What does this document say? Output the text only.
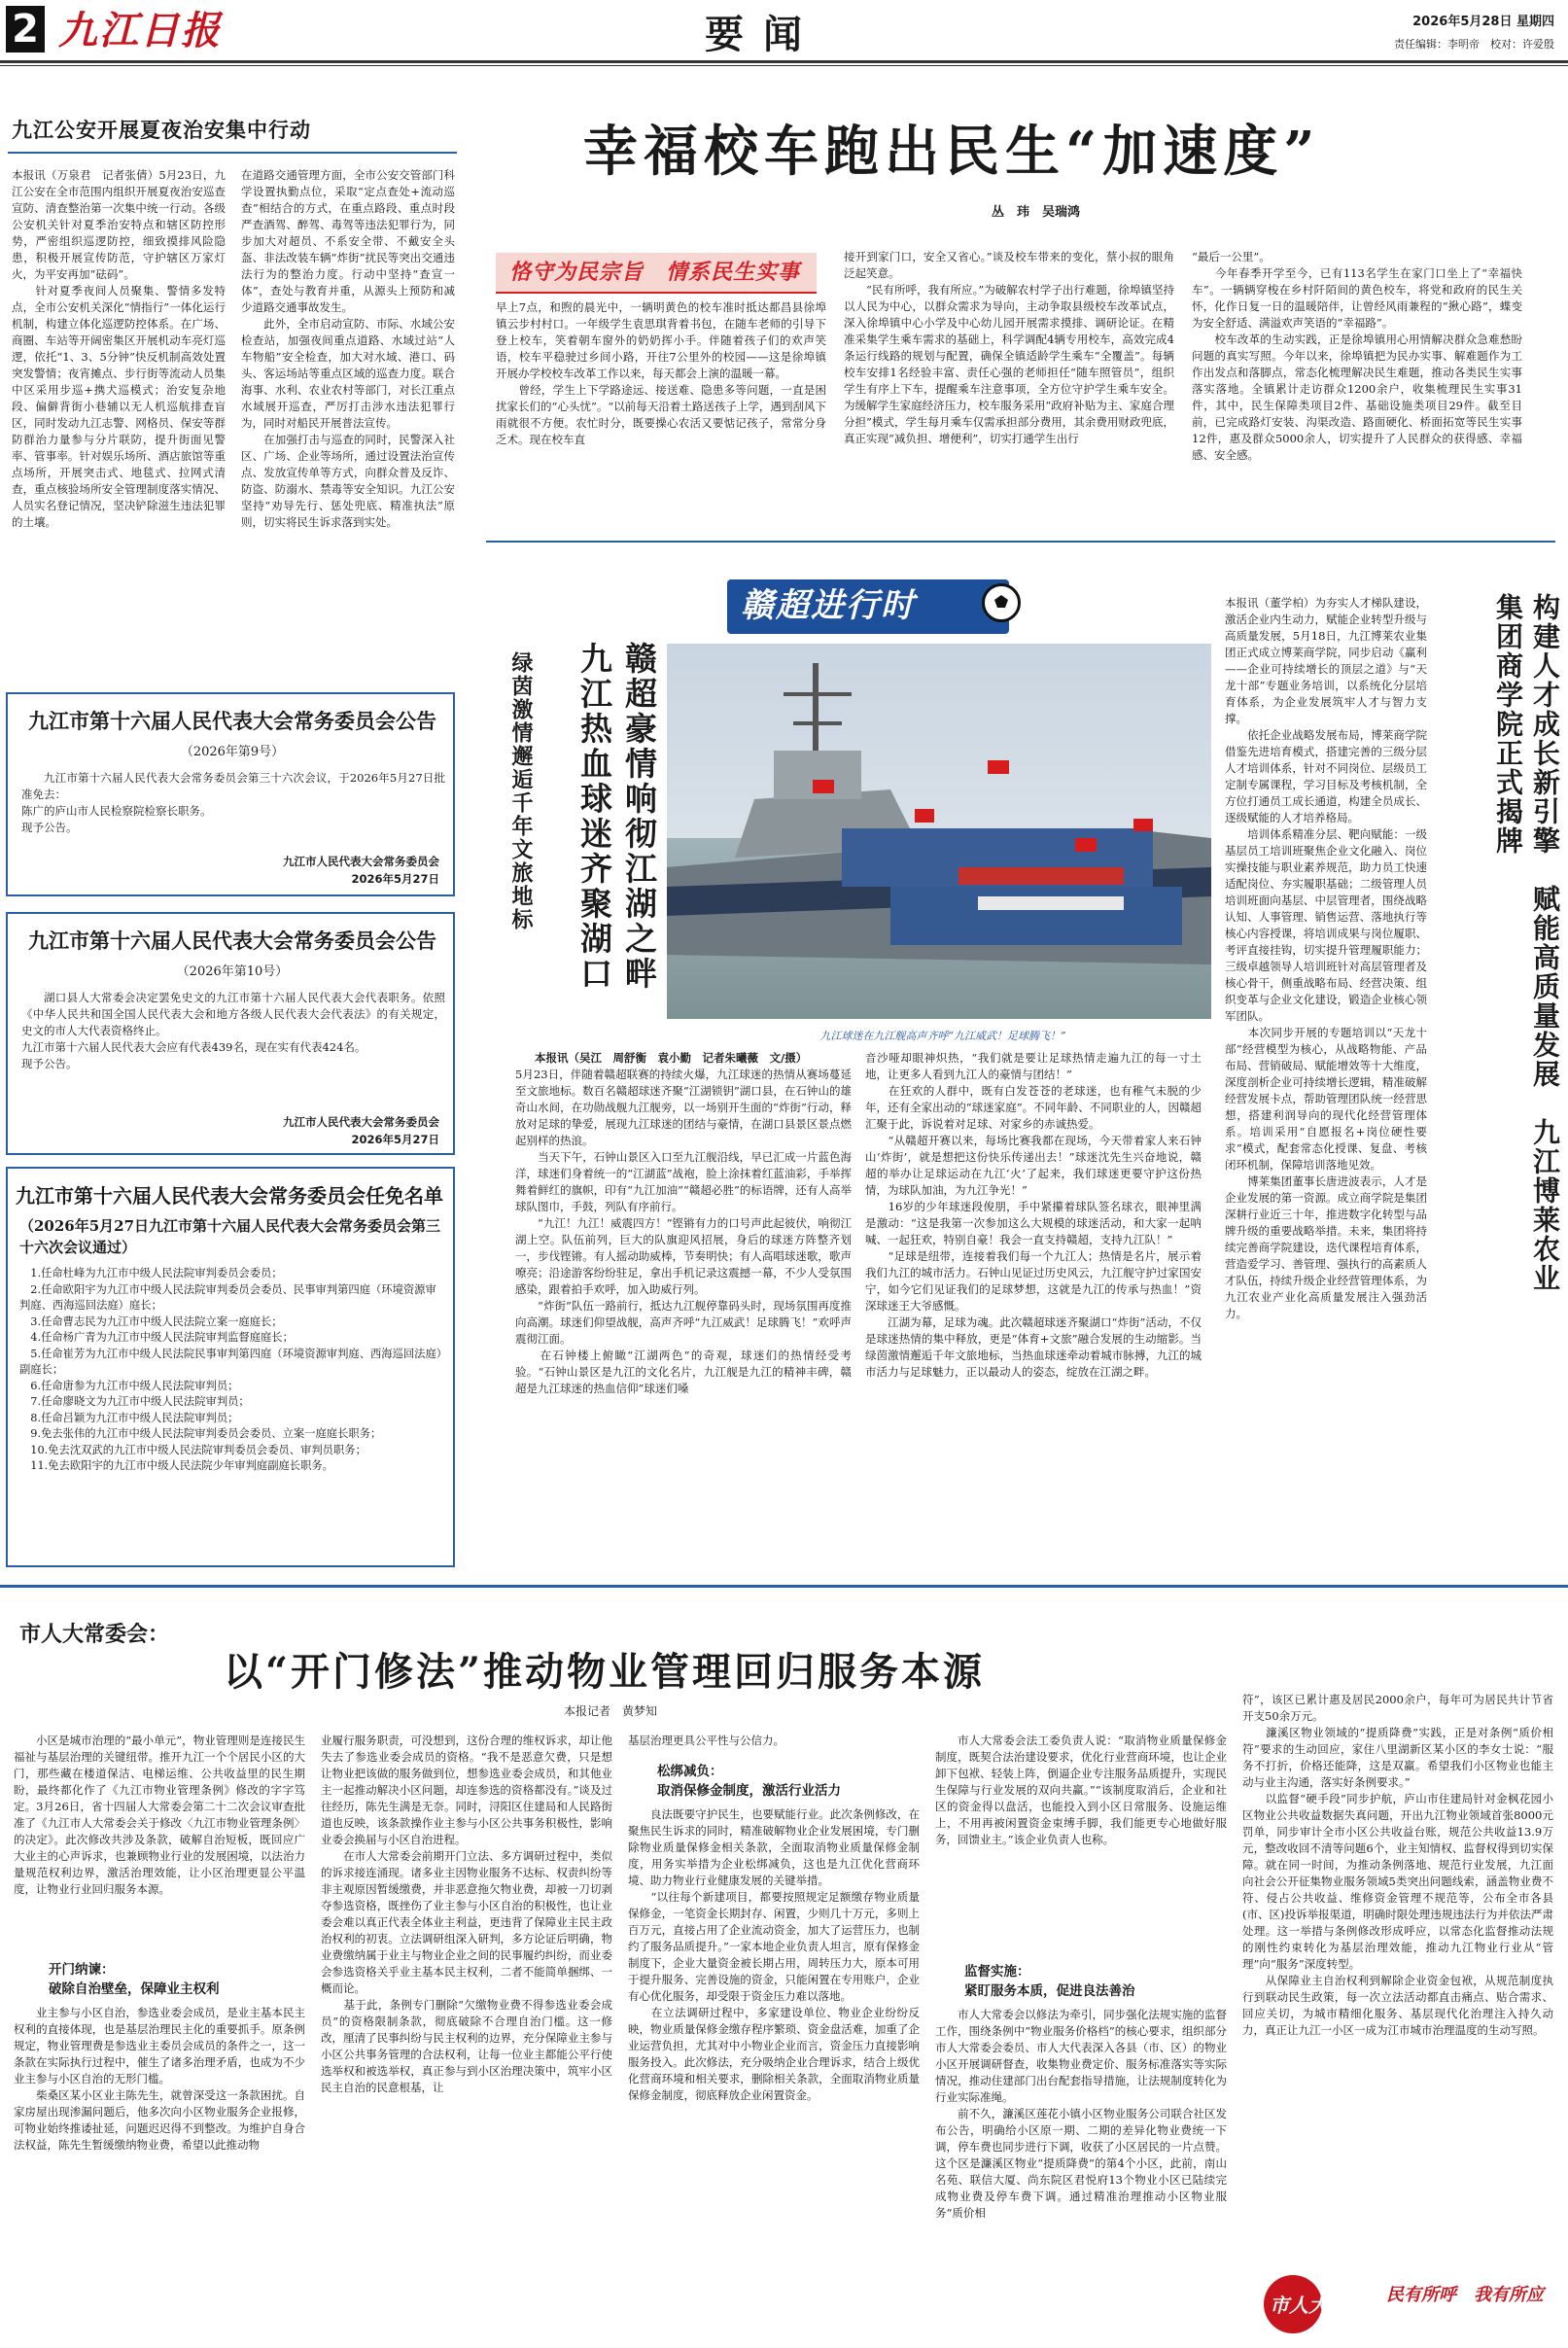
2 九江日报	要闻	2026年5月28日 星期四
责任编辑：李明帝　校对：许爱殷
九江公安开展夏夜治安集中行动
本报讯（万泉君　记者张倩）5月23日，九江公安在全市范围内组织开展夏夜治安巡查宣防、清查整治第一次集中统一行动。各级公安机关针对夏季治安特点和辖区防控形势，严密组织巡逻防控，细致摸排风险隐患，积极开展宣传防范，守护辖区万家灯火，为平安再加“砝码”。
　　针对夏季夜间人员聚集、警情多发特点，全市公安机关深化“情指行”一体化运行机制，构建立体化巡逻防控体系。在广场、商圈、车站等开阔密集区开展机动车亮灯巡逻，依托“1、3、5分钟”快反机制高效处置突发警情；夜宵摊点、步行街等流动人员集中区采用步巡+携犬巡模式；治安复杂地段、偏僻背街小巷辅以无人机巡航排查盲区，同时发动九江志警、网格员、保安等群防群治力量参与分片联防，提升街面见警率、管事率。针对娱乐场所、酒店旅馆等重点场所，开展突击式、地毯式、拉网式清查，重点核验场所安全管理制度落实情况、人员实名登记情况，坚决铲除滋生违法犯罪的土壤。
在道路交通管理方面，全市公安交管部门科学设置执勤点位，采取“定点查处+流动巡查”相结合的方式，在重点路段、重点时段严查酒驾、醉驾、毒驾等违法犯罪行为，同步加大对超员、不系安全带、不戴安全头盔、非法改装车辆“炸街”扰民等突出交通违法行为的整治力度。行动中坚持“查宣一体”，查处与教育并重，从源头上预防和减少道路交通事故发生。
　　此外，全市启动宣防、市际、水域公安检查站，加强夜间重点道路、水域过站“人车物船”安全检查，加大对水域、港口、码头、客运场站等重点区域的巡查力度。联合海事、水利、农业农村等部门，对长江重点水域展开巡查，严厉打击涉水违法犯罪行为，同时对船民开展普法宣传。
　　在加强打击与巡查的同时，民警深入社区、广场、企业等场所，通过设置法治宣传点、发放宣传单等方式，向群众普及反诈、防盗、防溺水、禁毒等安全知识。九江公安坚持“劝导先行、惩处兜底、精准执法”原则，切实将民生诉求落到实处。
九江市第十六届人民代表大会常务委员会公告
（2026年第9号）
九江市第十六届人民代表大会常务委员会第三十六次会议，于2026年5月27日批准免去：
陈广的庐山市人民检察院检察长职务。
现予公告。
九江市人民代表大会常务委员会
2026年5月27日
九江市第十六届人民代表大会常务委员会公告
（2026年第10号）
湖口县人大常委会决定罢免史文的九江市第十六届人民代表大会代表职务。依照《中华人民共和国全国人民代表大会和地方各级人民代表大会代表法》的有关规定，史文的市人大代表资格终止。
九江市第十六届人民代表大会应有代表439名，现在实有代表424名。
现予公告。
九江市人民代表大会常务委员会
2026年5月27日
九江市第十六届人民代表大会常务委员会任免名单
（2026年5月27日九江市第十六届人民代表大会常务委员会第三十六次会议通过）
1.任命杜峰为九江市中级人民法院审判委员会委员；
2.任命欧阳宇为九江市中级人民法院审判委员会委员、民事审判第四庭（环境资源审判庭、西海巡回法庭）庭长；
3.任命曹志民为九江市中级人民法院立案一庭庭长；
4.任命杨广青为九江市中级人民法院审判监督庭庭长；
5.任命崔芳为九江市中级人民法院民事审判第四庭（环境资源审判庭、西海巡回法庭）副庭长；
6.任命唐参为九江市中级人民法院审判员；
7.任命廖晓文为九江市中级人民法院审判员；
8.任命吕颖为九江市中级人民法院审判员；
9.免去张伟的九江市中级人民法院审判委员会委员、立案一庭庭长职务；
10.免去沈双武的九江市中级人民法院审判委员会委员、审判员职务；
11.免去欧阳宇的九江市中级人民法院少年审判庭副庭长职务。
幸福校车跑出民生“加速度”
丛　玮　吴瑞鸿
恪守为民宗旨　情系民生实事
早上7点，和煦的晨光中，一辆明黄色的校车准时抵达都昌县徐埠镇云步村村口。一年级学生袁思琪背着书包，在随车老师的引导下登上校车，笑着朝车窗外的奶奶挥小手。伴随着孩子们的欢声笑语，校车平稳驶过乡间小路，开往7公里外的校园——这是徐埠镇开展办学校校车改革工作以来，每天都会上演的温暖一幕。
　　曾经，学生上下学路途远、接送难、隐患多等问题，一直是困扰家长们的“心头忧”。“以前每天沿着土路送孩子上学，遇到刮风下雨就很不方便。农忙时分，既要操心农活又要惦记孩子，常常分身乏术。现在校车直
接开到家门口，安全又省心。”谈及校车带来的变化，蔡小叔的眼角泛起笑意。
　　“民有所呼，我有所应。”为破解农村学子出行难题，徐埠镇坚持以人民为中心，以群众需求为导向，主动争取县级校车改革试点，深入徐埠镇中心小学及中心幼儿园开展需求摸排、调研论证。在精准采集学生乘车需求的基础上，科学调配4辆专用校车，高效完成4条运行线路的规划与配置，确保全镇适龄学生乘车“全覆盖”。每辆校车安排1名经验丰富、责任心强的老师担任“随车照管员”，组织学生有序上下车，提醒乘车注意事项，全方位守护学生乘车安全。为缓解学生家庭经济压力，校车服务采用“政府补贴为主、家庭合理分担”模式，学生每月乘车仅需承担部分费用，其余费用财政兜底，真正实现“减负担、增便利”，切实打通学生出行
“最后一公里”。
　　今年春季开学至今，已有113名学生在家门口坐上了“幸福快车”。一辆辆穿梭在乡村阡陌间的黄色校车，将党和政府的民生关怀，化作日复一日的温暖陪伴，让曾经风雨兼程的“揪心路”，蝶变为安全舒适、满溢欢声笑语的“幸福路”。
　　校车改革的生动实践，正是徐埠镇用心用情解决群众急难愁盼问题的真实写照。今年以来，徐埠镇把为民办实事、解难题作为工作出发点和落脚点，常态化梳理解决民生难题，推动各类民生实事落实落地。全镇累计走访群众1200余户，收集梳理民生实事31件，其中，民生保障类项目2件、基础设施类项目29件。截至目前，已完成路灯安装、沟渠改造、路面硬化、桥面拓宽等民生实事12件，惠及群众5000余人，切实提升了人民群众的获得感、幸福感、安全感。
赣超进行时
GANCHAO JINXINGSHI
赣超豪情响彻江湖之畔　九江热血球迷齐聚湖口
绿茵激情邂逅千年文旅地标
九江球迷在九江舰高声齐呼“九江威武！足球腾飞！”
本报讯（吴江　周舒衡　袁小勤　记者朱曦薇　文/摄）
5月23日，伴随着赣超联赛的持续火爆，九江球迷的热情从赛场蔓延至文旅地标。数百名赣超球迷齐聚“江湖锁钥”湖口县，在石钟山的雄奇山水间，在功勋战舰九江舰旁，以一场别开生面的“炸街”行动，释放对足球的挚爱，展现九江球迷的团结与豪情，在湖口县景区景点燃起别样的热浪。
　　当天下午，石钟山景区入口至九江舰沿线，早已汇成一片蓝色海洋，球迷们身着统一的“江湖蓝”战袍，脸上涂抹着红蓝油彩，手举挥舞着鲜红的旗帜，印有“九江加油”“赣超必胜”的标语牌，还有人高举球队图巾，手鼓，列队有序前行。
　　“九江！九江！威震四方！”铿锵有力的口号声此起彼伏，响彻江湖上空。队伍前列，巨大的队旗迎风招展，身后的球迷方阵整齐划一，步伐铿锵。有人摇动助威棒，节奏明快；有人高唱球迷歌，歌声嘹亮；沿途游客纷纷驻足，拿出手机记录这震撼一幕，不少人受氛围感染，跟着拍手欢呼，加入助威行列。
　　“炸街”队伍一路前行，抵达九江舰停靠码头时，现场氛围再度推向高潮。球迷们仰望战舰，高声齐呼“九江威武！足球腾飞！”欢呼声震彻江面。
　　在石钟楼上俯瞰“江湖两色”的奇观，球迷们的热情经受考验。“石钟山景区是九江的文化名片，九江舰是九江的精神丰碑，赣超是九江球迷的热血信仰”球迷们嗓
音沙哑却眼神炽热，“我们就是要让足球热情走遍九江的每一寸土地，让更多人看到九江人的豪情与团结！”
　　在狂欢的人群中，既有白发苍苍的老球迷，也有稚气未脱的少年，还有全家出动的“球迷家庭”。不同年龄、不同职业的人，因赣超汇聚于此，诉说着对足球、对家乡的赤诚热爱。
　　“从赣超开赛以来，每场比赛我都在现场，今天带着家人来石钟山‘炸街’，就是想把这份快乐传递出去！”球迷沈先生兴奋地说，赣超的举办让足球运动在九江‘火’了起来，我们球迷更要守护这份热情，为球队加油，为九江争光！”
　　16岁的少年球迷段俊朋，手中紧攥着球队签名球衣，眼神里满是激动：“这是我第一次参加这么大规模的球迷活动，和大家一起呐喊、一起狂欢，特别自豪！我会一直支持赣超，支持九江队！”
　　“足球是纽带，连接着我们每一个九江人；热情是名片，展示着我们九江的城市活力。石钟山见证过历史风云，九江舰守护过家国安宁，如今它们见证我们的足球梦想，这就是九江的传承与热血！”资深球迷王大爷感慨。
　　江湖为幕，足球为魂。此次赣超球迷齐聚湖口“炸街”活动，不仅是球迷热情的集中释放，更是“体育+文旅”融合发展的生动缩影。当绿茵激情邂逅千年文旅地标，当热血球迷牵动着城市脉搏，九江的城市活力与足球魅力，正以最动人的姿态，绽放在江湖之畔。
构建人才成长新引擎　赋能高质量发展　九江博莱农业集团商学院正式揭牌
本报讯（董学柏）为夯实人才梯队建设，激活企业内生动力，赋能企业转型升级与高质量发展，5月18日，九江博莱农业集团正式成立博莱商学院，同步启动《赢利——企业可持续增长的顶层之道》与“天龙十部”专题业务培训，以系统化分层培育体系，为企业发展筑牢人才与智力支撑。
　　依托企业战略发展布局，博莱商学院借鉴先进培育模式，搭建完善的三级分层人才培训体系，针对不同岗位、层级员工定制专属课程，学习目标及考核机制，全方位打通员工成长通道，构建全员成长、逐级赋能的人才培养格局。
　　培训体系精准分层、靶向赋能：一级基层员工培训班聚焦企业文化融入、岗位实操技能与职业素养规范，助力员工快速适配岗位、夯实履职基础；二级管理人员培训班面向基层、中层管理者，围绕战略认知、人事管理、销售运营、落地执行等核心内容授课，将培训成果与岗位履职、考评直接挂钩，切实提升管理履职能力；三级卓越领导人培训班针对高层管理者及核心骨干，侧重战略布局、经营决策、组织变革与企业文化建设，锻造企业核心领军团队。
　　本次同步开展的专题培训以“天龙十部”经营模型为核心，从战略物能、产品布局、营销破局、赋能增效等十大维度，深度剖析企业可持续增长逻辑，精准破解经营发展卡点，帮助管理团队统一经营思想，搭建利润导向的现代化经营管理体系。培训采用“自愿报名+岗位硬性要求”模式，配套常态化授课、复盘、考核闭环机制，保障培训落地见效。
　　博莱集团董事长唐进波表示，人才是企业发展的第一资源。成立商学院是集团深耕行业近三十年，推进数字化转型与品牌升级的重要战略举措。未来，集团将持续完善商学院建设，迭代课程培育体系，营造爱学习、善管理、强执行的高素质人才队伍，持续升级企业经营管理体系，为九江农业产业化高质量发展注入强劲活力。
市人大常委会：
以“开门修法”推动物业管理回归服务本源
本报记者　黄梦知
小区是城市治理的“最小单元”，物业管理则是连接民生福祉与基层治理的关键纽带。推开九江一个个居民小区的大门，那些藏在楼道保洁、电梯运维、公共收益里的民生期盼，最终都化作了《九江市物业管理条例》修改的字字笃定。3月26日，省十四届人大常委会第二十二次会议审查批准了《九江市人大常委会关于修改〈九江市物业管理条例〉的决定》。此次修改共涉及条款，破解自治短板，既回应广大业主的心声诉求，也兼顾物业行业的发展困境，以法治力量规范权利边界，激活治理效能，让小区治理更显公平温度，让物业行业回归服务本源。
开门纳谏：
破除自治壁垒，保障业主权利
业主参与小区自治，参选业委会成员，是业主基本民主权利的直接体现，也是基层治理民主化的重要抓手。原条例规定，物业管理费是参选业主委员会成员的条件之一，这一条款在实际执行过程中，催生了诸多治理矛盾，也成为不少业主参与小区自治的无形门槛。
　　柴桑区某小区业主陈先生，就曾深受这一条款困扰。自家房屋出现渗漏问题后，他多次向小区物业服务企业报修，可物业始终推诿扯延，问题迟迟得不到整改。为维护自身合法权益，陈先生暂缓缴纳物业费，希望以此推动物
业履行服务职责，可没想到，这份合理的维权诉求，却让他失去了参选业委会成员的资格。“我不是恶意欠费，只是想让物业把该做的服务做到位，想参选业委会成员，和其他业主一起推动解决小区问题，却连参选的资格都没有。”谈及过往经历，陈先生满是无奈。同时，浔阳区住建局和人民路街道也反映，该条款操作业主参与小区公共事务积极性，影响业委会换届与小区自治进程。
　　在市人大常委会前期开门立法、多方调研过程中，类似的诉求接连涌现。诸多业主因物业服务不达标、权责纠纷等非主观原因暂缓缴费，并非恶意拖欠物业费，却被一刀切剥夺参选资格，既挫伤了业主参与小区自治的积极性，也让业委会难以真正代表全体业主利益，更违背了保障业主民主政治权利的初衷。立法调研组深入研判，多方论证后明确，物业费缴纳属于业主与物业企业之间的民事履约纠纷，而业委会参选资格关乎业主基本民主权利，二者不能简单捆绑、一概而论。
　　基于此，条例专门删除“欠缴物业费不得参选业委会成员”的资格限制条款，彻底破除不合理自治门槛。这一修改，厘清了民事纠纷与民主权利的边界，充分保障业主参与小区公共事务管理的合法权利，让每一位业主都能公平行使选举权和被选举权，真正参与到小区治理决策中，筑牢小区民主自治的民意根基，让
基层治理更具公平性与公信力。
松绑减负：
取消保修金制度，激活行业活力
良法既要守护民生，也要赋能行业。此次条例修改，在聚焦民生诉求的同时，精准破解物业企业发展困境，专门删除物业质量保修金相关条款，全面取消物业质量保修金制度，用务实举措为企业松绑减负，这也是九江优化营商环境、助力物业行业健康发展的关键举措。
　　“以往每个新建项目，都要按照规定足额缴存物业质量保修金，一笔资金长期封存、闲置，少则几十万元，多则上百万元，直接占用了企业流动资金，加大了运营压力，也制约了服务品质提升。”一家本地企业负责人坦言，原有保修金制度下，企业大量资金被长期占用，周转压力大，原本可用于提升服务、完善设施的资金，只能闲置在专用账户，企业有心优化服务，却受限于资金压力难以落地。
　　在立法调研过程中，多家建设单位、物业企业纷纷反映，物业质量保修金缴存程序繁琐、资金盘活难，加重了企业运营负担，尤其对中小物业企业而言，资金压力直接影响服务投入。此次修法，充分吸纳企业合理诉求，结合上级优化营商环境和相关要求，删除相关条款，全面取消物业质量保修金制度，彻底释放企业闲置资金。
市人大常委会法工委负责人说：“取消物业质量保修金制度，既契合法治建设要求，优化行业营商环境，也让企业卸下包袱、轻装上阵，倒逼企业专注服务品质提升，实现民生保障与行业发展的双向共赢。”“该制度取消后，企业和社区的资金得以盘活，也能投入到小区日常服务、设施运维上，不用再被闲置资金束缚手脚，我们能更专心地做好服务，回馈业主。”该企业负责人也称。
监督实施：
紧盯服务本质，促进良法善治
市人大常委会以修法为牵引，同步强化法规实施的监督工作，围绕条例中“物业服务价格档”的核心要求，组织部分市人大常委会委员、市人大代表深入各县（市、区）的物业小区开展调研督查，收集物业费定价、服务标准落实等实际情况，推动住建部门出台配套指导措施，让法规制度转化为行业实际准绳。
　　前不久，濂溪区莲花小镇小区物业服务公司联合社区发布公告，明确给小区原一期、二期的差异化物业费统一下调，停车费也同步进行下调，收获了小区居民的一片点赞。这个区是濂溪区物业“提质降费”的第4个小区，此前，南山名苑、联信大厦、尚东院区君悦府13个物业小区已陆续完成物业费及停车费下调。通过精准治理推动小区物业服务“质价相
符”，该区已累计惠及居民2000余户，每年可为居民共计节省开支50余万元。
　　濂溪区物业领域的“提质降费”实践，正是对条例“质价相符”要求的生动回应，家住八里湖新区某小区的李女士说：“服务不打折，价格还能降，这是双赢。希望我们小区物业也能主动与业主沟通，落实好条例要求。”
　　以监督“硬手段”同步护航，庐山市住建局针对金枫花园小区物业公共收益数据失真问题，开出九江物业领域首张8000元罚单，同步审计全市小区公共收益台账，规范公共收益13.9万元，整改收回不清等问题6个，业主知情权、监督权得到切实保障。就在同一时间，为推动条例落地、规范行业发展，九江面向社会公开征集物业服务领域5类突出问题线索，涵盖物业费不符、侵占公共收益、维修资金管理不规范等，公布全市各县(市、区)投诉举报渠道，明确时限处理违规违法行为并依法严肃处理。这一举措与条例修改形成呼应，以常态化监督推动法规的刚性约束转化为基层治理效能，推动九江物业行业从“管理”向“服务”深度转型。
　　从保障业主自治权利到解除企业资金包袱，从规范制度执行到联动民生政策，每一次立法活动都直击痛点、贴合需求、回应关切，为城市精细化服务、基层现代化治理注入持久动力，真正让九江一小区一成为江市城市治理温度的生动写照。
市人大	民有所呼　我有所应
